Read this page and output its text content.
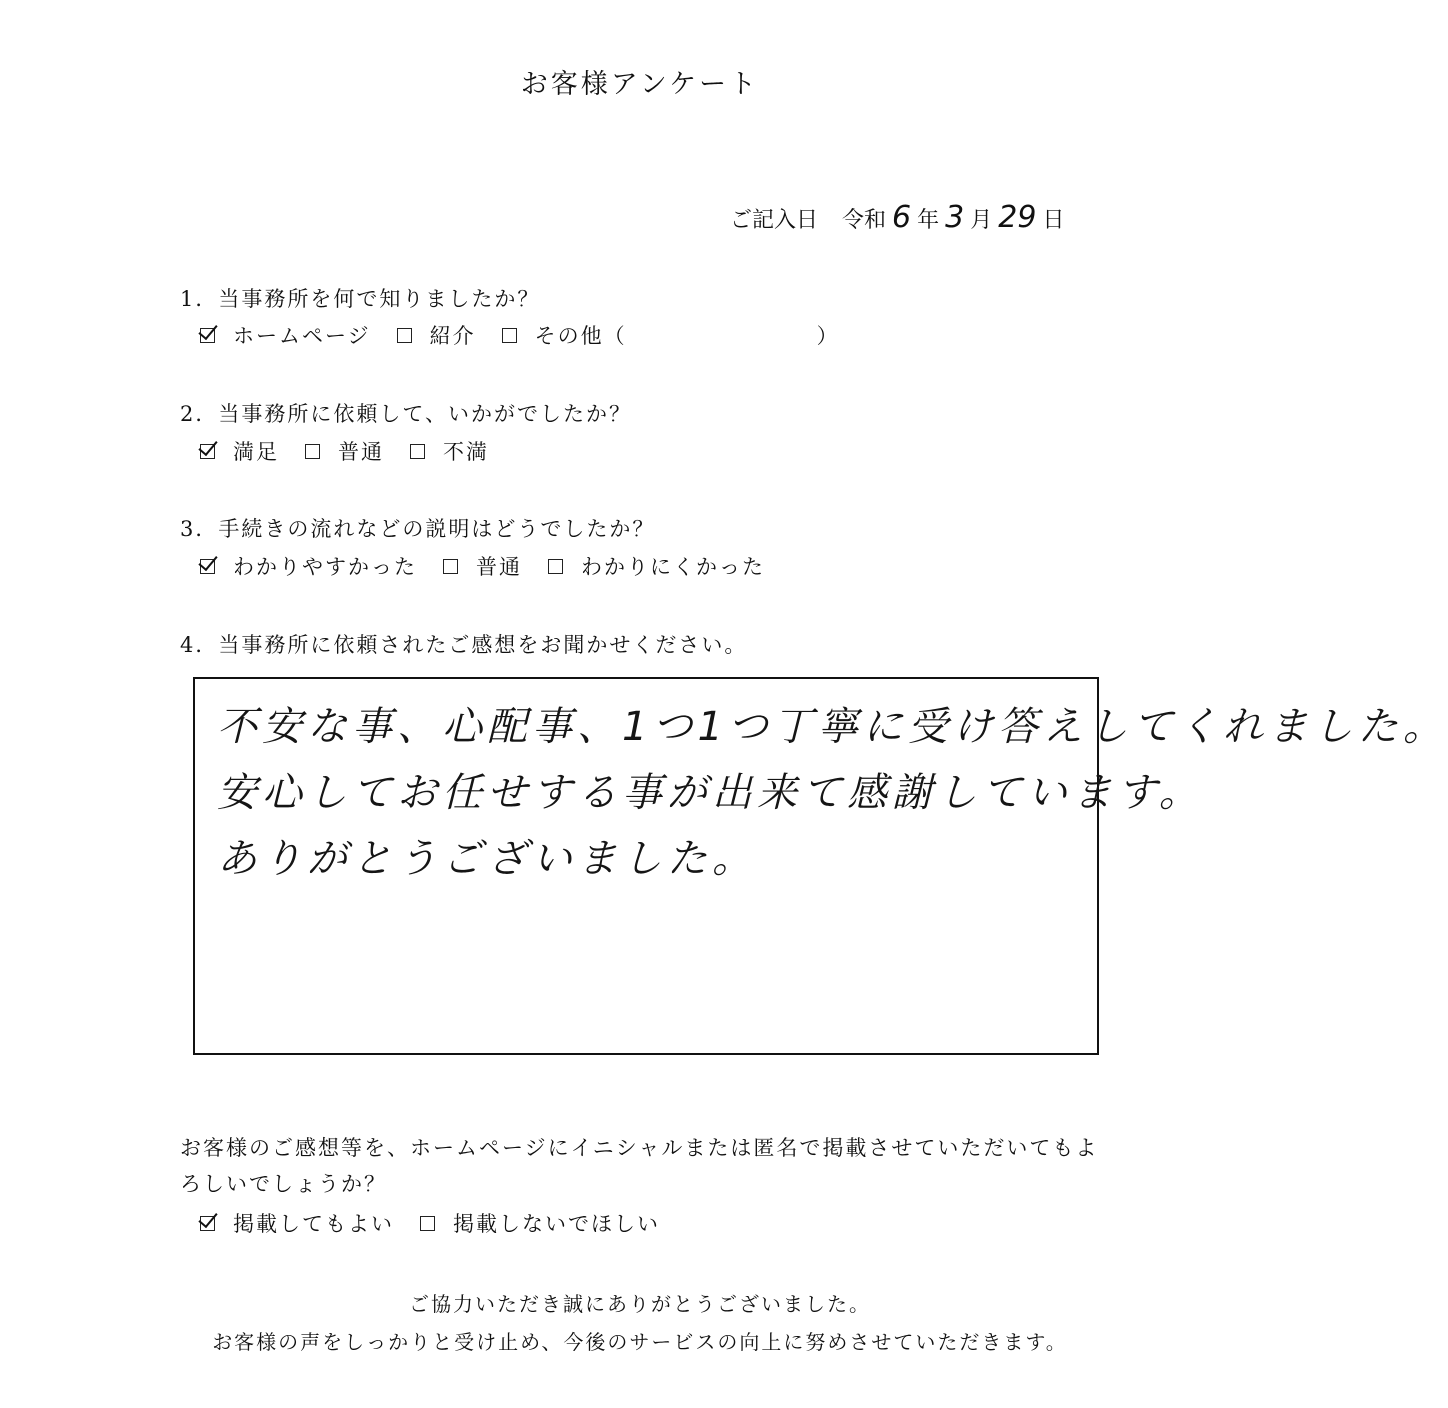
お客様アンケート
ご記入日 令和 6 年 3 月 29 日
1．当事務所を何で知りましたか？
ホームページ	紹介	その他（	）
2．当事務所に依頼して、いかがでしたか？
満足	普通	不満
3．手続きの流れなどの説明はどうでしたか？
わかりやすかった	普通	わかりにくかった
4．当事務所に依頼されたご感想をお聞かせください。
不安な事、心配事、1つ1つ丁寧に受け答えしてくれました。
安心してお任せする事が出来て感謝しています。
ありがとうございました。
お客様のご感想等を、ホームページにイニシャルまたは匿名で掲載させていただいてもよ
ろしいでしょうか？
掲載してもよい	掲載しないでほしい
ご協力いただき誠にありがとうございました。
お客様の声をしっかりと受け止め、今後のサービスの向上に努めさせていただきます。
